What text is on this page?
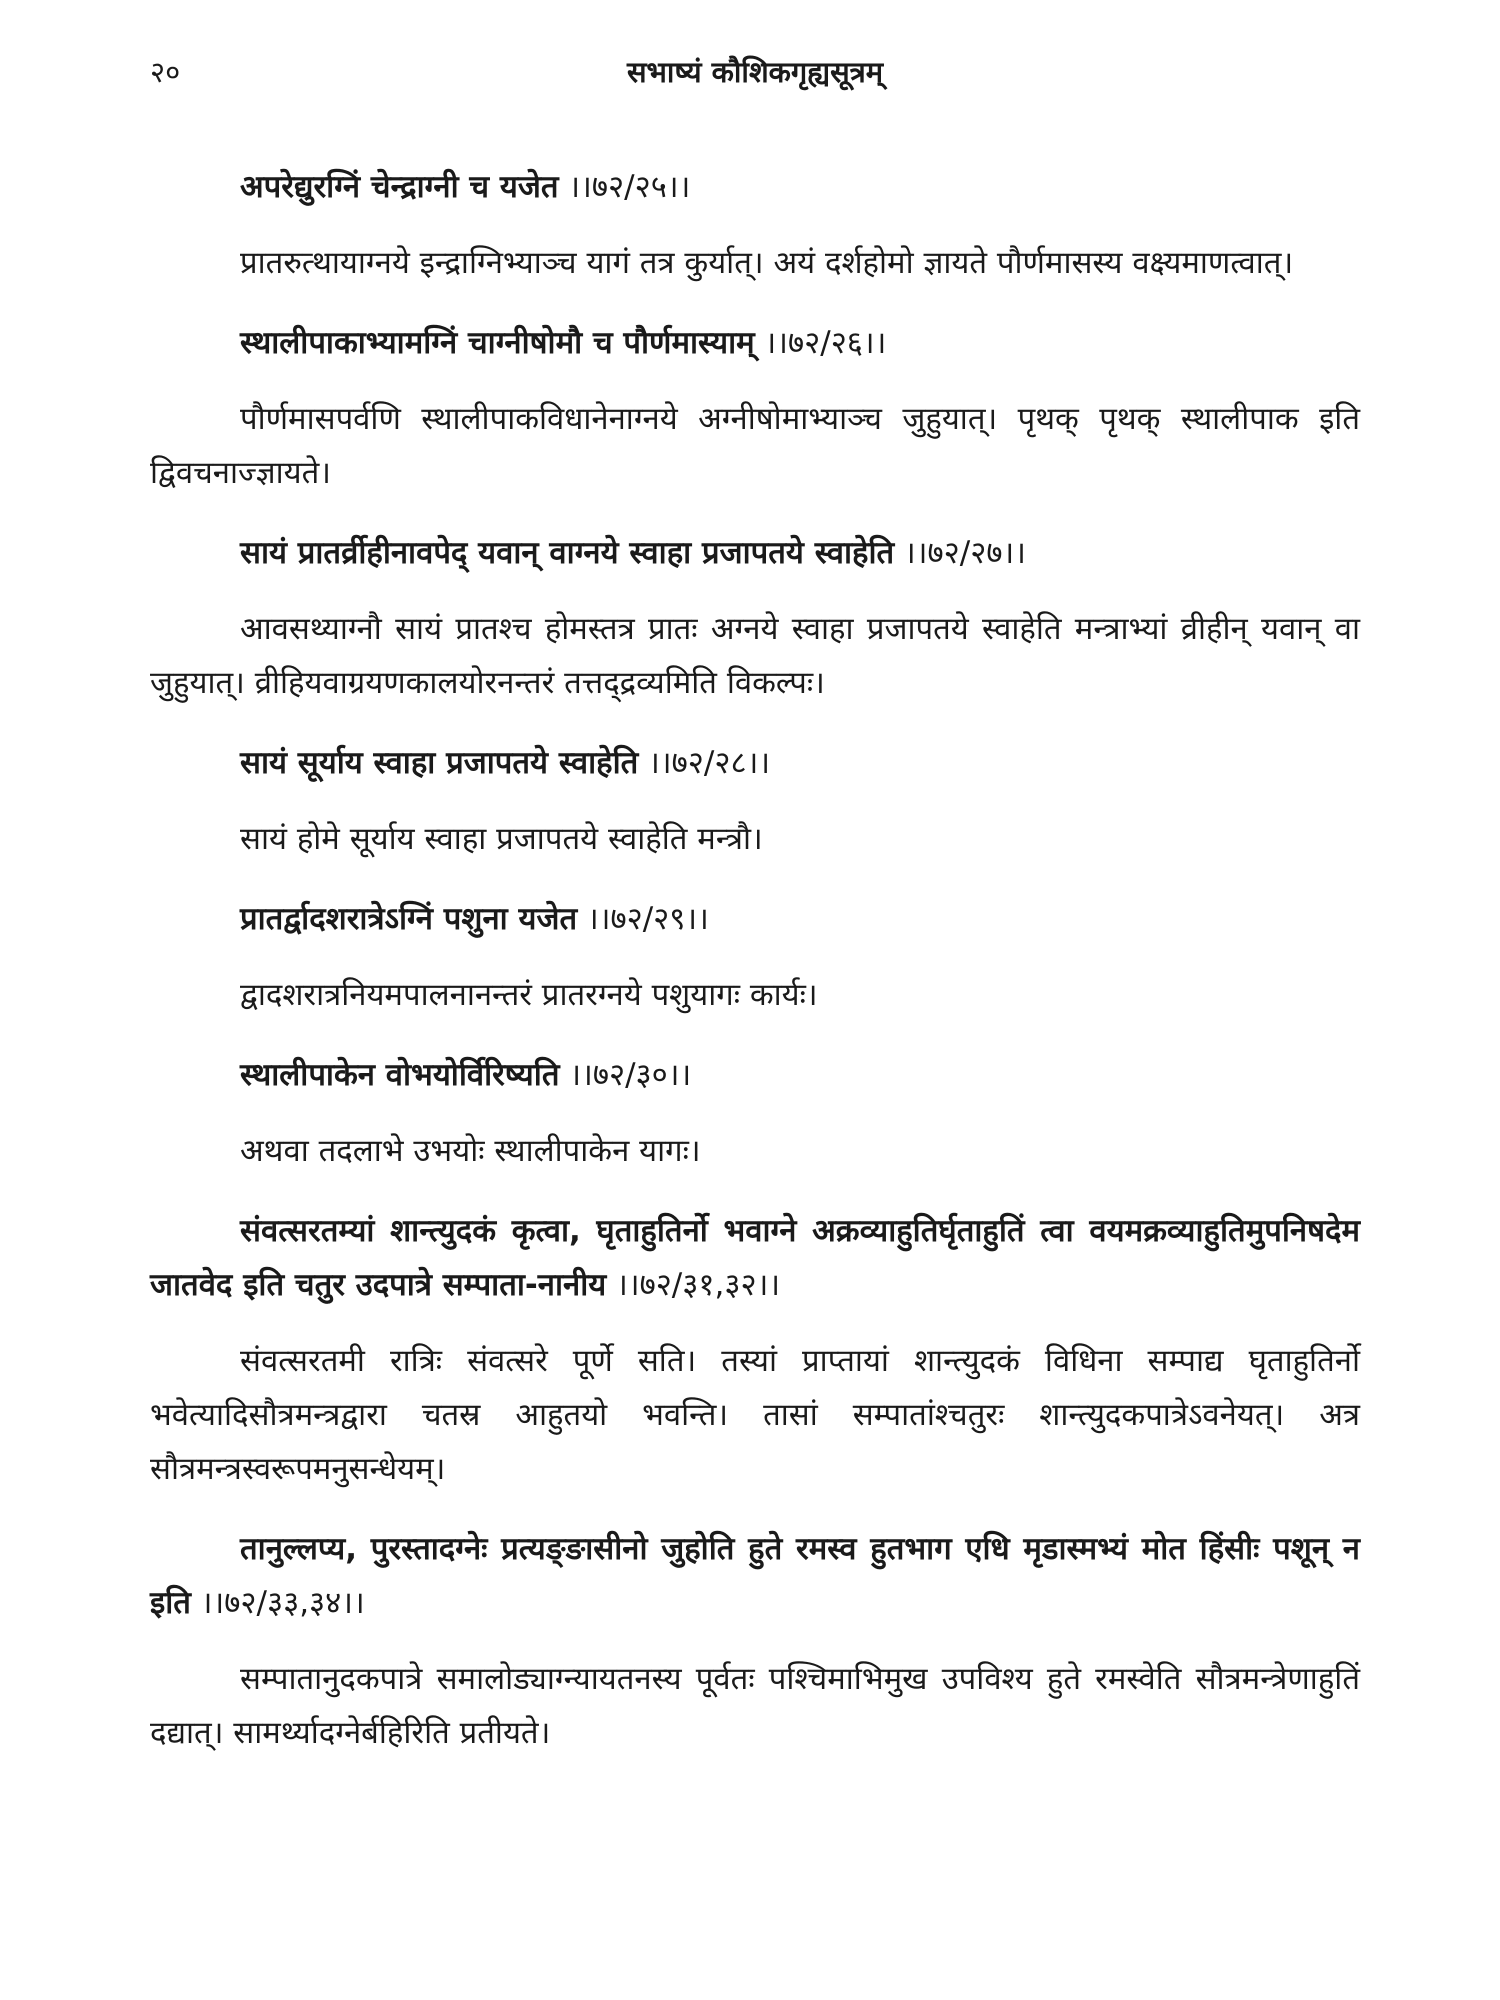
२०	सभाष्यं कौशिकगृह्यसूत्रम्

अपरेद्युरग्निं चेन्द्राग्नी च यजेत ।।७२/२५।।

प्रातरुत्थायाग्नये इन्द्राग्निभ्याञ्च यागं तत्र कुर्यात्। अयं दर्शहोमो ज्ञायते पौर्णमासस्य वक्ष्यमाणत्वात्।

स्थालीपाकाभ्यामग्निं चाग्नीषोमौ च पौर्णमास्याम् ।।७२/२६।।

पौर्णमासपर्वणि स्थालीपाकविधानेनाग्नये अग्नीषोमाभ्याञ्च जुहुयात्। पृथक् पृथक् स्थालीपाक इति द्विवचनाज्ज्ञायते।

सायं प्रातर्व्रीहीनावपेद् यवान् वाग्नये स्वाहा प्रजापतये स्वाहेति ।।७२/२७।।

आवसथ्याग्नौ सायं प्रातश्च होमस्तत्र प्रातः अग्नये स्वाहा प्रजापतये स्वाहेति मन्त्राभ्यां व्रीहीन् यवान् वा जुहुयात्। व्रीहियवाग्रयणकालयोरनन्तरं तत्तद्द्रव्यमिति विकल्पः।

सायं सूर्याय स्वाहा प्रजापतये स्वाहेति ।।७२/२८।।

सायं होमे सूर्याय स्वाहा प्रजापतये स्वाहेति मन्त्रौ।

प्रातर्द्वादशरात्रेऽग्निं पशुना यजेत ।।७२/२९।।

द्वादशरात्रनियमपालनानन्तरं प्रातरग्नये पशुयागः कार्यः।

स्थालीपाकेन वोभयोर्विरिष्यति ।।७२/३०।।

अथवा तदलाभे उभयोः स्थालीपाकेन यागः।

संवत्सरतम्यां शान्त्युदकं कृत्वा, घृताहुतिर्नो भवाग्ने अक्रव्याहुतिर्घृताहुतिं त्वा वयमक्रव्याहुतिमुपनिषदेम जातवेद इति चतुर उदपात्रे सम्पाता-नानीय ।।७२/३१,३२।।

संवत्सरतमी रात्रिः संवत्सरे पूर्णे सति। तस्यां प्राप्तायां शान्त्युदकं विधिना सम्पाद्य घृताहुतिर्नो भवेत्यादिसौत्रमन्त्रद्वारा चतस्र आहुतयो भवन्ति। तासां सम्पातांश्चतुरः शान्त्युदकपात्रेऽवनेयत्। अत्र सौत्रमन्त्रस्वरूपमनुसन्धेयम्।

तानुल्लप्य, पुरस्तादग्नेः प्रत्यङ्ङासीनो जुहोति हुते रमस्व हुतभाग एधि मृडास्मभ्यं मोत हिंसीः पशून् न इति ।।७२/३३,३४।।

सम्पातानुदकपात्रे समालोड्याग्न्यायतनस्य पूर्वतः पश्चिमाभिमुख उपविश्य हुते रमस्वेति सौत्रमन्त्रेणाहुतिं दद्यात्। सामर्थ्यादग्नेर्बहिरिति प्रतीयते।
